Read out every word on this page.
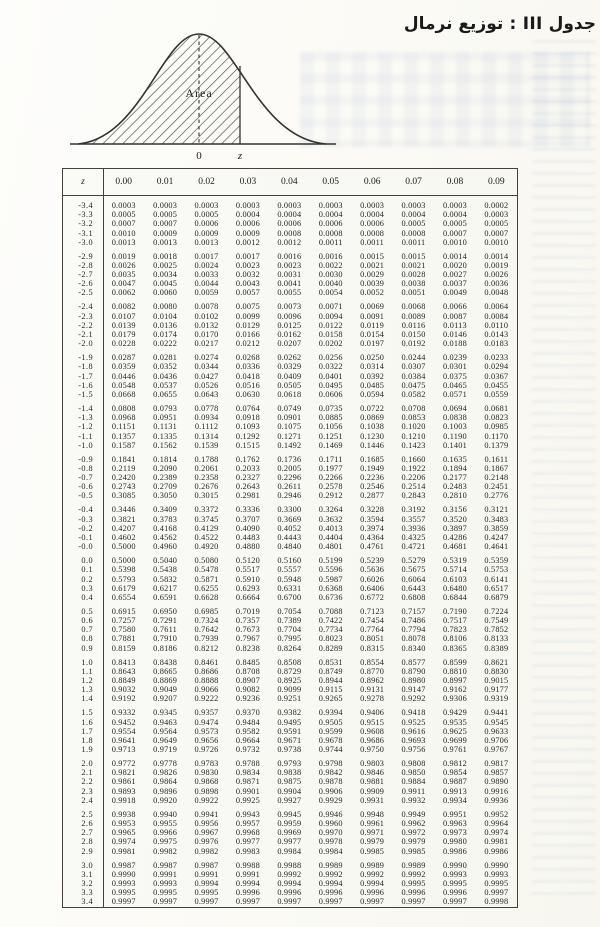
جدول III : توزيع نرمال
Area
0	z
z	0.00	0.01	0.02	0.03	0.04	0.05	0.06	0.07	0.08	0.09
-3.4	0.0003	0.0003	0.0003	0.0003	0.0003	0.0003	0.0003	0.0003	0.0003	0.0002
-3.3	0.0005	0.0005	0.0005	0.0004	0.0004	0.0004	0.0004	0.0004	0.0004	0.0003
-3.2	0.0007	0.0007	0.0006	0.0006	0.0006	0.0006	0.0006	0.0005	0.0005	0.0005
-3.1	0.0010	0.0009	0.0009	0.0009	0.0008	0.0008	0.0008	0.0008	0.0007	0.0007
-3.0	0.0013	0.0013	0.0013	0.0012	0.0012	0.0011	0.0011	0.0011	0.0010	0.0010
-2.9	0.0019	0.0018	0.0017	0.0017	0.0016	0.0016	0.0015	0.0015	0.0014	0.0014
-2.8	0.0026	0.0025	0.0024	0.0023	0.0023	0.0022	0.0021	0.0021	0.0020	0.0019
-2.7	0.0035	0.0034	0.0033	0.0032	0.0031	0.0030	0.0029	0.0028	0.0027	0.0026
-2.6	0.0047	0.0045	0.0044	0.0043	0.0041	0.0040	0.0039	0.0038	0.0037	0.0036
-2.5	0.0062	0.0060	0.0059	0.0057	0.0055	0.0054	0.0052	0.0051	0.0049	0.0048
-2.4	0.0082	0.0080	0.0078	0.0075	0.0073	0.0071	0.0069	0.0068	0.0066	0.0064
-2.3	0.0107	0.0104	0.0102	0.0099	0.0096	0.0094	0.0091	0.0089	0.0087	0.0084
-2.2	0.0139	0.0136	0.0132	0.0129	0.0125	0.0122	0.0119	0.0116	0.0113	0.0110
-2.1	0.0179	0.0174	0.0170	0.0166	0.0162	0.0158	0.0154	0.0150	0.0146	0.0143
-2.0	0.0228	0.0222	0.0217	0.0212	0.0207	0.0202	0.0197	0.0192	0.0188	0.0183
-1.9	0.0287	0.0281	0.0274	0.0268	0.0262	0.0256	0.0250	0.0244	0.0239	0.0233
-1.8	0.0359	0.0352	0.0344	0.0336	0.0329	0.0322	0.0314	0.0307	0.0301	0.0294
-1.7	0.0446	0.0436	0.0427	0.0418	0.0409	0.0401	0.0392	0.0384	0.0375	0.0367
-1.6	0.0548	0.0537	0.0526	0.0516	0.0505	0.0495	0.0485	0.0475	0.0465	0.0455
-1.5	0.0668	0.0655	0.0643	0.0630	0.0618	0.0606	0.0594	0.0582	0.0571	0.0559
-1.4	0.0808	0.0793	0.0778	0.0764	0.0749	0.0735	0.0722	0.0708	0.0694	0.0681
-1.3	0.0968	0.0951	0.0934	0.0918	0.0901	0.0885	0.0869	0.0853	0.0838	0.0823
-1.2	0.1151	0.1131	0.1112	0.1093	0.1075	0.1056	0.1038	0.1020	0.1003	0.0985
-1.1	0.1357	0.1335	0.1314	0.1292	0.1271	0.1251	0.1230	0.1210	0.1190	0.1170
-1.0	0.1587	0.1562	0.1539	0.1515	0.1492	0.1469	0.1446	0.1423	0.1401	0.1379
-0.9	0.1841	0.1814	0.1788	0.1762	0.1736	0.1711	0.1685	0.1660	0.1635	0.1611
-0.8	0.2119	0.2090	0.2061	0.2033	0.2005	0.1977	0.1949	0.1922	0.1894	0.1867
-0.7	0.2420	0.2389	0.2358	0.2327	0.2296	0.2266	0.2236	0.2206	0.2177	0.2148
-0.6	0.2743	0.2709	0.2676	0.2643	0.2611	0.2578	0.2546	0.2514	0.2483	0.2451
-0.5	0.3085	0.3050	0.3015	0.2981	0.2946	0.2912	0.2877	0.2843	0.2810	0.2776
-0.4	0.3446	0.3409	0.3372	0.3336	0.3300	0.3264	0.3228	0.3192	0.3156	0.3121
-0.3	0.3821	0.3783	0.3745	0.3707	0.3669	0.3632	0.3594	0.3557	0.3520	0.3483
-0.2	0.4207	0.4168	0.4129	0.4090	0.4052	0.4013	0.3974	0.3936	0.3897	0.3859
-0.1	0.4602	0.4562	0.4522	0.4483	0.4443	0.4404	0.4364	0.4325	0.4286	0.4247
-0.0	0.5000	0.4960	0.4920	0.4880	0.4840	0.4801	0.4761	0.4721	0.4681	0.4641
0.0	0.5000	0.5040	0.5080	0.5120	0.5160	0.5199	0.5239	0.5279	0.5319	0.5359
0.1	0.5398	0.5438	0.5478	0.5517	0.5557	0.5596	0.5636	0.5675	0.5714	0.5753
0.2	0.5793	0.5832	0.5871	0.5910	0.5948	0.5987	0.6026	0.6064	0.6103	0.6141
0.3	0.6179	0.6217	0.6255	0.6293	0.6331	0.6368	0.6406	0.6443	0.6480	0.6517
0.4	0.6554	0.6591	0.6628	0.6664	0.6700	0.6736	0.6772	0.6808	0.6844	0.6879
0.5	0.6915	0.6950	0.6985	0.7019	0.7054	0.7088	0.7123	0.7157	0.7190	0.7224
0.6	0.7257	0.7291	0.7324	0.7357	0.7389	0.7422	0.7454	0.7486	0.7517	0.7549
0.7	0.7580	0.7611	0.7642	0.7673	0.7704	0.7734	0.7764	0.7794	0.7823	0.7852
0.8	0.7881	0.7910	0.7939	0.7967	0.7995	0.8023	0.8051	0.8078	0.8106	0.8133
0.9	0.8159	0.8186	0.8212	0.8238	0.8264	0.8289	0.8315	0.8340	0.8365	0.8389
1.0	0.8413	0.8438	0.8461	0.8485	0.8508	0.8531	0.8554	0.8577	0.8599	0.8621
1.1	0.8643	0.8665	0.8686	0.8708	0.8729	0.8749	0.8770	0.8790	0.8810	0.8830
1.2	0.8849	0.8869	0.8888	0.8907	0.8925	0.8944	0.8962	0.8980	0.8997	0.9015
1.3	0.9032	0.9049	0.9066	0.9082	0.9099	0.9115	0.9131	0.9147	0.9162	0.9177
1.4	0.9192	0.9207	0.9222	0.9236	0.9251	0.9265	0.9278	0.9292	0.9306	0.9319
1.5	0.9332	0.9345	0.9357	0.9370	0.9382	0.9394	0.9406	0.9418	0.9429	0.9441
1.6	0.9452	0.9463	0.9474	0.9484	0.9495	0.9505	0.9515	0.9525	0.9535	0.9545
1.7	0.9554	0.9564	0.9573	0.9582	0.9591	0.9599	0.9608	0.9616	0.9625	0.9633
1.8	0.9641	0.9649	0.9656	0.9664	0.9671	0.9678	0.9686	0.9693	0.9699	0.9706
1.9	0.9713	0.9719	0.9726	0.9732	0.9738	0.9744	0.9750	0.9756	0.9761	0.9767
2.0	0.9772	0.9778	0.9783	0.9788	0.9793	0.9798	0.9803	0.9808	0.9812	0.9817
2.1	0.9821	0.9826	0.9830	0.9834	0.9838	0.9842	0.9846	0.9850	0.9854	0.9857
2.2	0.9861	0.9864	0.9868	0.9871	0.9875	0.9878	0.9881	0.9884	0.9887	0.9890
2.3	0.9893	0.9896	0.9898	0.9901	0.9904	0.9906	0.9909	0.9911	0.9913	0.9916
2.4	0.9918	0.9920	0.9922	0.9925	0.9927	0.9929	0.9931	0.9932	0.9934	0.9936
2.5	0.9938	0.9940	0.9941	0.9943	0.9945	0.9946	0.9948	0.9949	0.9951	0.9952
2.6	0.9953	0.9955	0.9956	0.9957	0.9959	0.9960	0.9961	0.9962	0.9963	0.9964
2.7	0.9965	0.9966	0.9967	0.9968	0.9969	0.9970	0.9971	0.9972	0.9973	0.9974
2.8	0.9974	0.9975	0.9976	0.9977	0.9977	0.9978	0.9979	0.9979	0.9980	0.9981
2.9	0.9981	0.9982	0.9982	0.9983	0.9984	0.9984	0.9985	0.9985	0.9986	0.9986
3.0	0.9987	0.9987	0.9987	0.9988	0.9988	0.9989	0.9989	0.9989	0.9990	0.9990
3.1	0.9990	0.9991	0.9991	0.9991	0.9992	0.9992	0.9992	0.9992	0.9993	0.9993
3.2	0.9993	0.9993	0.9994	0.9994	0.9994	0.9994	0.9994	0.9995	0.9995	0.9995
3.3	0.9995	0.9995	0.9995	0.9996	0.9996	0.9996	0.9996	0.9996	0.9996	0.9997
3.4	0.9997	0.9997	0.9997	0.9997	0.9997	0.9997	0.9997	0.9997	0.9997	0.9998
